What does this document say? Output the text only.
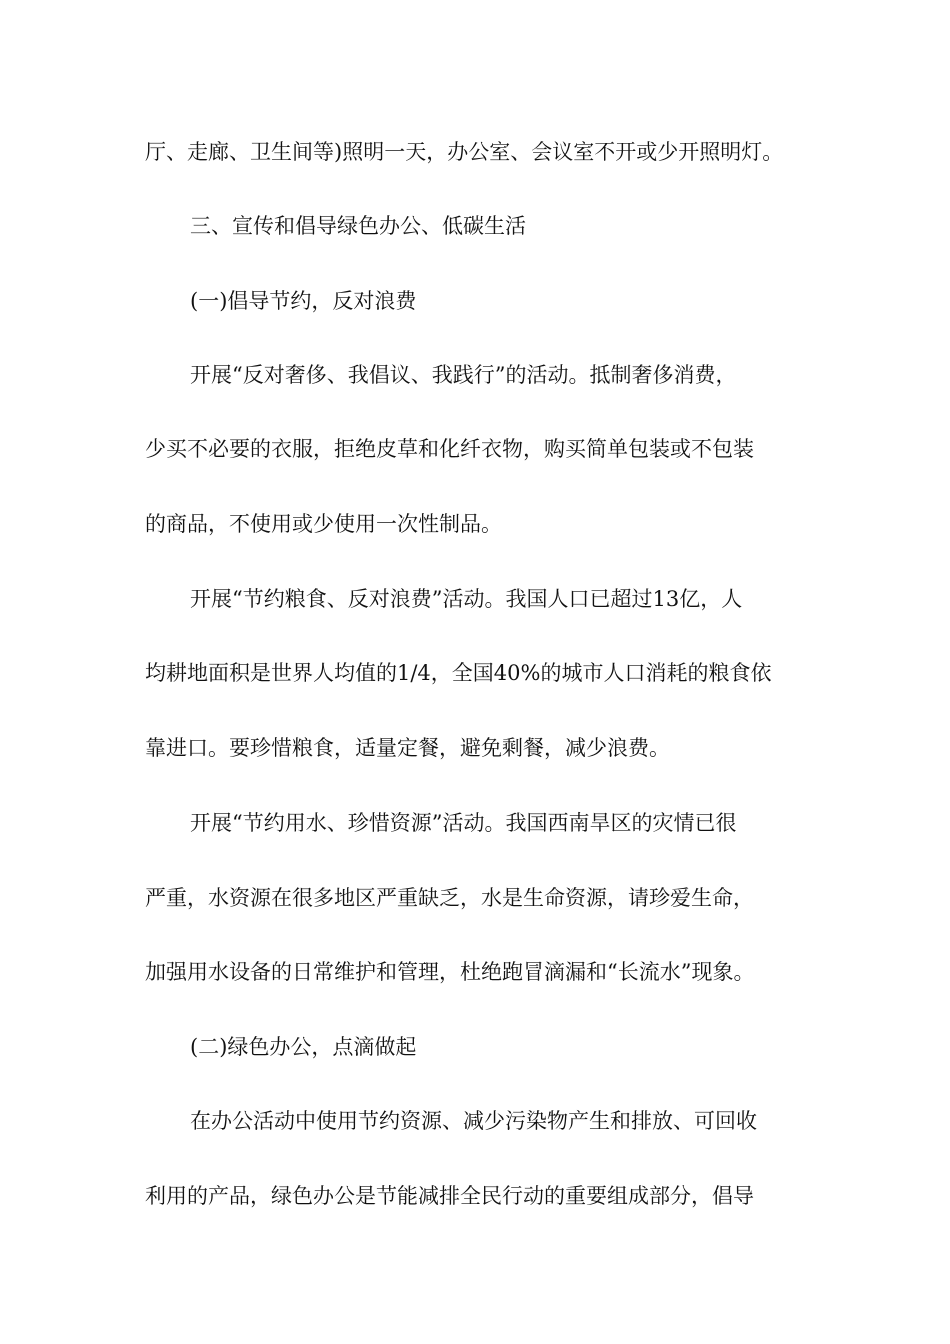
厅、走廊、卫生间等)照明一天，办公室、会议室不开或少开照明灯。
三、宣传和倡导绿色办公、低碳生活
(一)倡导节约，反对浪费
开展“反对奢侈、我倡议、我践行”的活动。抵制奢侈消费，
少买不必要的衣服，拒绝皮草和化纤衣物，购买简单包装或不包装
的商品，不使用或少使用一次性制品。
开展“节约粮食、反对浪费”活动。我国人口已超过13亿，人
均耕地面积是世界人均值的1/4，全国40%的城市人口消耗的粮食依
靠进口。要珍惜粮食，适量定餐，避免剩餐，减少浪费。
开展“节约用水、珍惜资源”活动。我国西南旱区的灾情已很
严重，水资源在很多地区严重缺乏，水是生命资源，请珍爱生命，
加强用水设备的日常维护和管理，杜绝跑冒滴漏和“长流水”现象。
(二)绿色办公，点滴做起
在办公活动中使用节约资源、减少污染物产生和排放、可回收
利用的产品，绿色办公是节能减排全民行动的重要组成部分，倡导
